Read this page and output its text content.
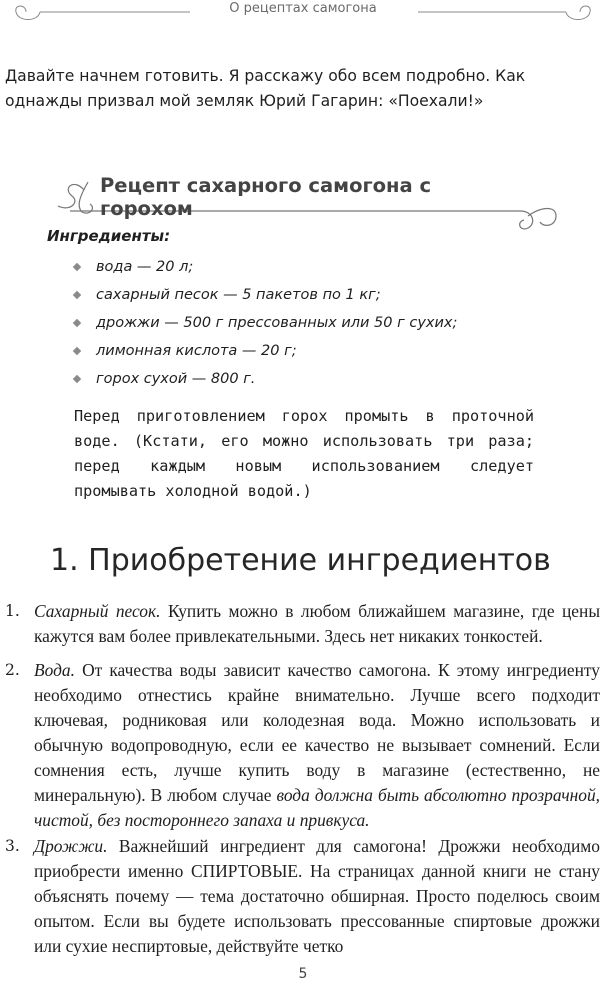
О рецептах самогона

Давайте начнем готовить. Я расскажу обо всем подробно. Как однажды призвал мой земляк Юрий Гагарин: «Поехали!»

Рецепт сахарного самогона с горохом

Ингредиенты:

вода — 20 л;
сахарный песок — 5 пакетов по 1 кг;
дрожжи — 500 г прессованных или 50 г сухих;
лимонная кислота — 20 г;
горох сухой — 800 г.

Перед приготовлением горох промыть в проточной воде. (Кстати, его можно использовать три раза; перед каждым новым использованием следует промывать холодной водой.)

1. Приобретение ингредиентов
1. Сахарный песок. Купить можно в любом ближайшем магазине, где цены кажутся вам более привлекательными. Здесь нет никаких тонкостей.

2. Вода. От качества воды зависит качество самогона. К этому ингредиенту необходимо отнестись крайне внимательно. Лучше всего подходит ключевая, родниковая или колодезная вода. Можно использовать и обычную водопроводную, если ее качество не вызывает сомнений. Если сомнения есть, лучше купить воду в магазине (естественно, не минеральную). В любом случае вода должна быть абсолютно прозрачной, чистой, без постороннего запаха и привкуса.

3. Дрожжи. Важнейший ингредиент для самогона! Дрожжи необходимо приобрести именно СПИРТОВЫЕ. На страницах данной книги не стану объяснять почему — тема достаточно обширная. Просто поделюсь своим опытом. Если вы будете использовать прессованные спиртовые дрожжи или сухие неспиртовые, действуйте четко

5
